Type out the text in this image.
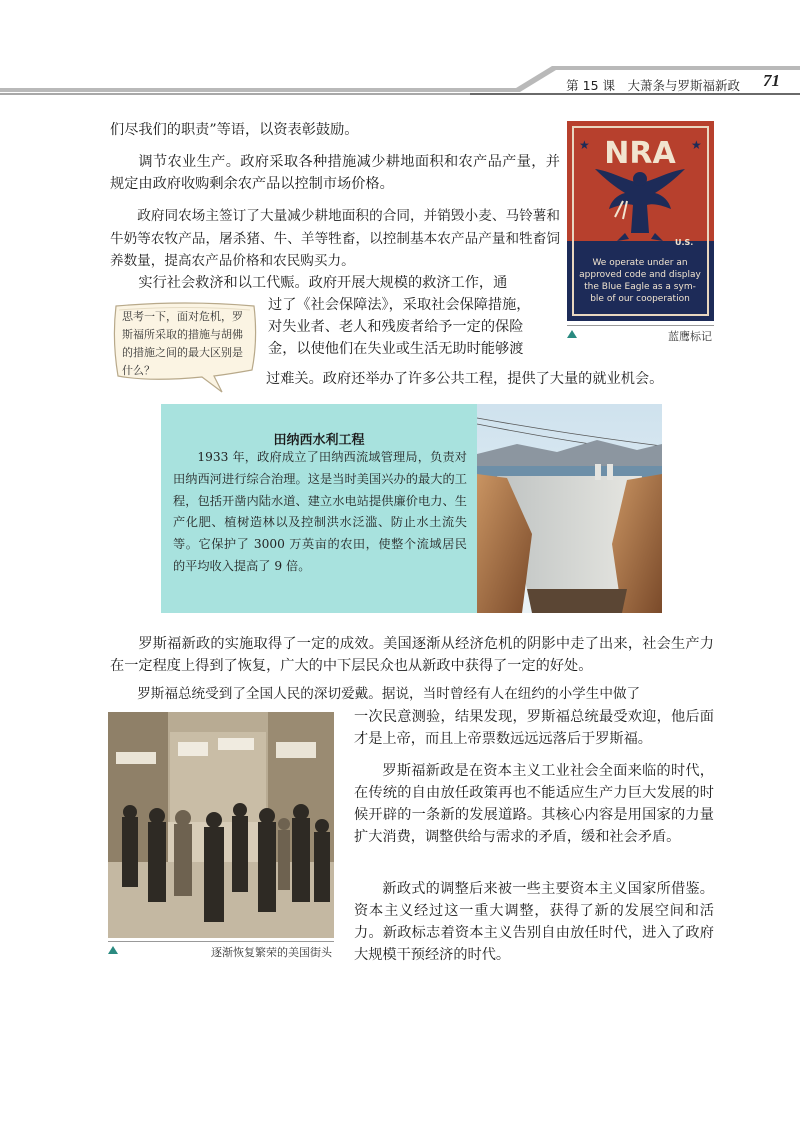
第 15 课　大萧条与罗斯福新政 71

们尽我们的职责”等语，以资表彰鼓励。

调节农业生产。政府采取各种措施减少耕地面积和农产品产量，并规定由政府收购剩余农产品以控制市场价格。

政府同农场主签订了大量减少耕地面积的合同，并销毁小麦、马铃薯和牛奶等农牧产品，屠杀猪、牛、羊等牲畜，以控制基本农产品产量和牲畜饲养数量，提高农产品价格和农民购买力。

实行社会救济和以工代赈。政府开展大规模的救济工作，通

过了《社会保障法》，采取社会保障措施，

对失业者、老人和残废者给予一定的保险

金，以使他们在失业或生活无助时能够渡

过难关。政府还举办了许多公共工程，提供了大量的就业机会。

★	★
NRA
U.S.
We operate under an
approved code and display
the Blue Eagle as a sym-
ble of our cooperation
蓝鹰标记
思考一下，面对危机，罗斯福所采取的措施与胡佛的措施之间的最大区别是什么？
田纳西水利工程

1933 年，政府成立了田纳西流域管理局，负责对田纳西河进行综合治理。这是当时美国兴办的最大的工程，包括开凿内陆水道、建立水电站提供廉价电力、生产化肥、植树造林以及控制洪水泛滥、防止水土流失等。它保护了 3000 万英亩的农田，使整个流域居民的平均收入提高了 9 倍。

罗斯福新政的实施取得了一定的成效。美国逐渐从经济危机的阴影中走了出来，社会生产力在一定程度上得到了恢复，广大的中下层民众也从新政中获得了一定的好处。

罗斯福总统受到了全国人民的深切爱戴。据说，当时曾经有人在纽约的小学生中做了

一次民意测验，结果发现，罗斯福总统最受欢迎，他后面才是上帝，而且上帝票数远远远落后于罗斯福。

罗斯福新政是在资本主义工业社会全面来临的时代，在传统的自由放任政策再也不能适应生产力巨大发展的时候开辟的一条新的发展道路。其核心内容是用国家的力量扩大消费，调整供给与需求的矛盾，缓和社会矛盾。

新政式的调整后来被一些主要资本主义国家所借鉴。资本主义经过这一重大调整，获得了新的发展空间和活力。新政标志着资本主义告别自由放任时代，进入了政府大规模干预经济的时代。

逐渐恢复繁荣的美国街头
